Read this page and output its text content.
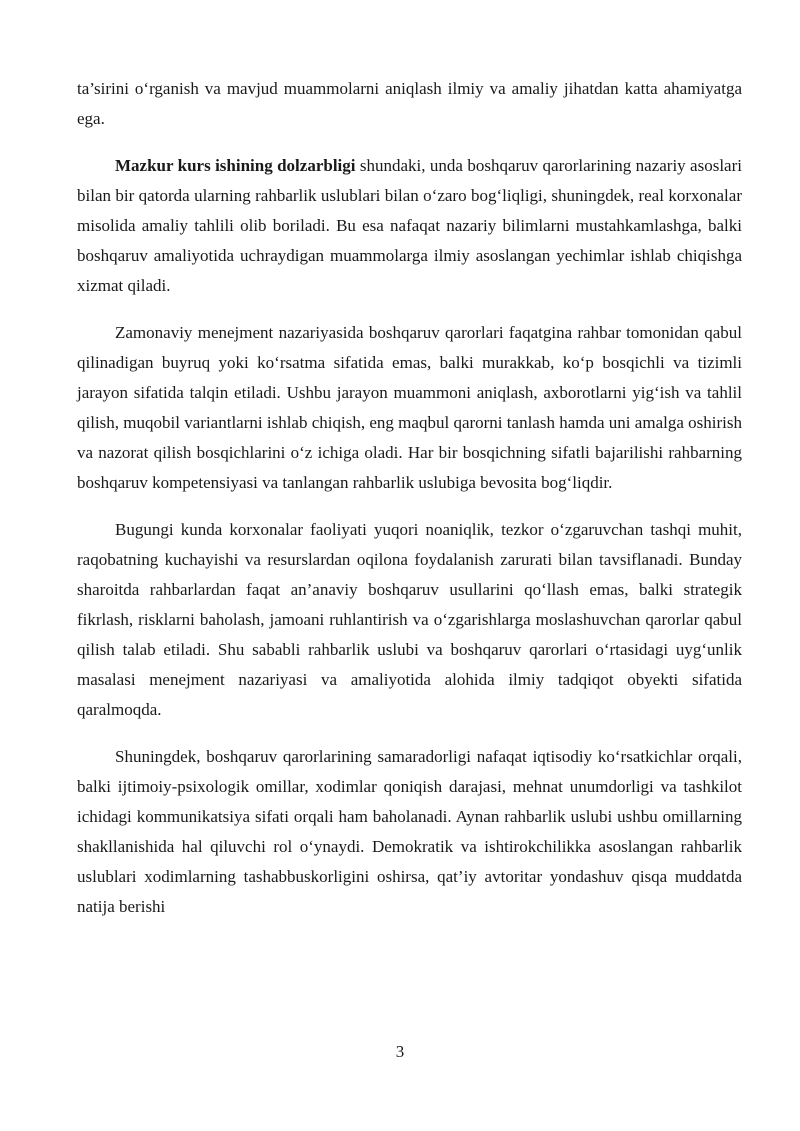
ta’sirini o‘rganish va mavjud muammolarni aniqlash ilmiy va amaliy jihatdan katta ahamiyatga ega.

Mazkur kurs ishining dolzarbligi shundaki, unda boshqaruv qarorlarining nazariy asoslari bilan bir qatorda ularning rahbarlik uslublari bilan o‘zaro bog‘liqligi, shuningdek, real korxonalar misolida amaliy tahlili olib boriladi. Bu esa nafaqat nazariy bilimlarni mustahkamlashga, balki boshqaruv amaliyotida uchraydigan muammolarga ilmiy asoslangan yechimlar ishlab chiqishga xizmat qiladi.

Zamonaviy menejment nazariyasida boshqaruv qarorlari faqatgina rahbar tomonidan qabul qilinadigan buyruq yoki ko‘rsatma sifatida emas, balki murakkab, ko‘p bosqichli va tizimli jarayon sifatida talqin etiladi. Ushbu jarayon muammoni aniqlash, axborotlarni yig‘ish va tahlil qilish, muqobil variantlarni ishlab chiqish, eng maqbul qarorni tanlash hamda uni amalga oshirish va nazorat qilish bosqichlarini o‘z ichiga oladi. Har bir bosqichning sifatli bajarilishi rahbarning boshqaruv kompetensiyasi va tanlangan rahbarlik uslubiga bevosita bog‘liqdir.

Bugungi kunda korxonalar faoliyati yuqori noaniqlik, tezkor o‘zgaruvchan tashqi muhit, raqobatning kuchayishi va resurslardan oqilona foydalanish zarurati bilan tavsiflanadi. Bunday sharoitda rahbarlardan faqat an’anaviy boshqaruv usullarini qo‘llash emas, balki strategik fikrlash, risklarni baholash, jamoani ruhlantirish va o‘zgarishlarga moslashuvchan qarorlar qabul qilish talab etiladi. Shu sababli rahbarlik uslubi va boshqaruv qarorlari o‘rtasidagi uyg‘unlik masalasi menejment nazariyasi va amaliyotida alohida ilmiy tadqiqot obyekti sifatida qaralmoqda.

Shuningdek, boshqaruv qarorlarining samaradorligi nafaqat iqtisodiy ko‘rsatkichlar orqali, balki ijtimoiy-psixologik omillar, xodimlar qoniqish darajasi, mehnat unumdorligi va tashkilot ichidagi kommunikatsiya sifati orqali ham baholanadi. Aynan rahbarlik uslubi ushbu omillarning shakllanishida hal qiluvchi rol o‘ynaydi. Demokratik va ishtirokchilikka asoslangan rahbarlik uslublari xodimlarning tashabbuskorligini oshirsa, qat’iy avtoritar yondashuv qisqa muddatda natija berishi

3
